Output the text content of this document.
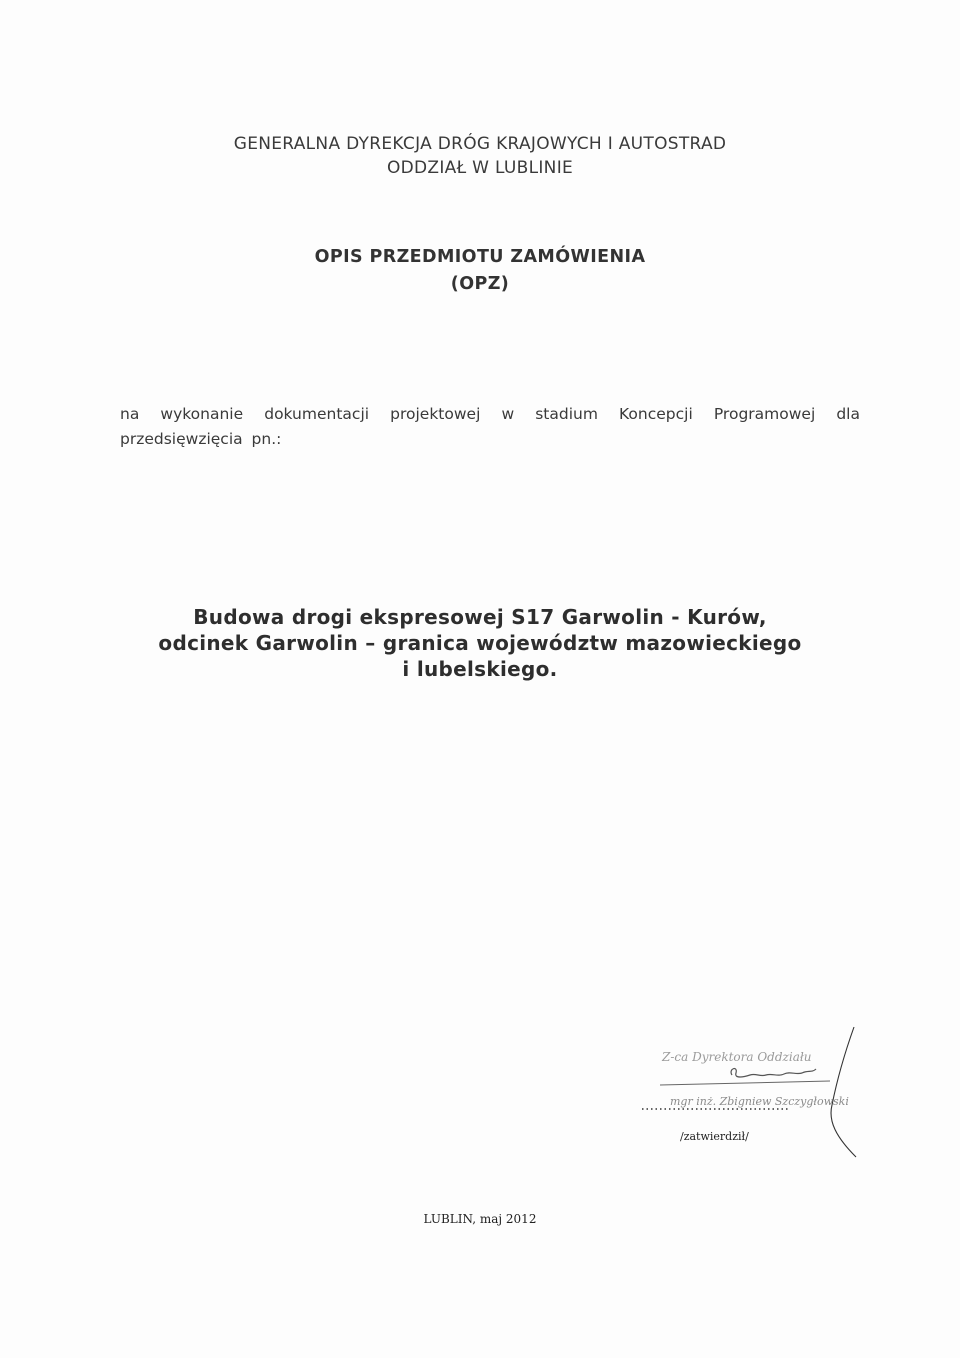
GENERALNA DYREKCJA DRÓG KRAJOWYCH I AUTOSTRAD
ODDZIAŁ W LUBLINIE
OPIS PRZEDMIOTU ZAMÓWIENIA
(OPZ)
na wykonanie dokumentacji projektowej w stadium Koncepcji Programowej dla przedsięwzięcia pn.:
Budowa drogi ekspresowej S17 Garwolin - Kurów,
odcinek Garwolin – granica województw mazowieckiego
i lubelskiego.
Z-ca Dyrektora Oddziału
mgr inż. Zbigniew Szczygłowski
/zatwierdził/
LUBLIN, maj 2012
